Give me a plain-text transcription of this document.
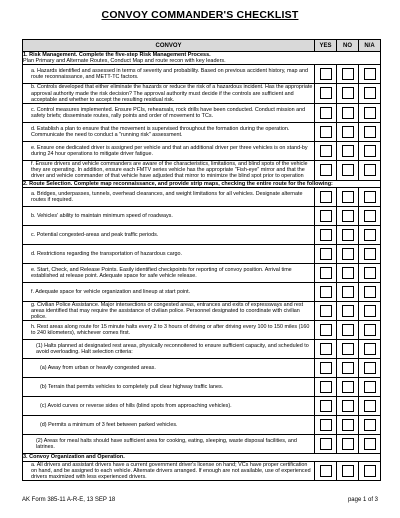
CONVOY COMMANDER'S CHECKLIST
CONVOY	YES	NO	N/A
1. Risk Management. Complete the five-step Risk Management Process.
Plan Primary and Alternate Routes, Conduct Map and route recon with key leaders.			
a. Hazards identified and assessed in terms of severity and probability. Based on previous accident history, map and route reconnaissance, and METT-TC factors.			
b. Controls developed that either eliminate the hazards or reduce the risk of a hazardous incident. Has the appropriate approval authority made the risk decision? The approval authority must decide if the controls are sufficient and acceptable and whether to accept the resulting residual risk.			
c. Control measures implemented. Ensure PCIs, rehearsals, rock drills have been conducted. Conduct mission and safety briefs; disseminate routes, rally points and order of movement to TCs.			
d. Establish a plan to ensure that the movement is supervised throughout the formation during the operation. Communicate the need to conduct a "running risk" assessment.			
e. Ensure one dedicated driver is assigned per vehicle and that an additional driver per three vehicles is on stand-by during 24 hour operations to mitigate driver fatigue.			
f. Ensure drivers and vehicle commanders are aware of the characteristics, limitations, and blind spots of the vehicle they are operating. In addition, ensure each FMTV series vehicle has the appropriate "Fish-eye" mirror and that the driver and vehicle commander of that vehicle have adjusted that mirror to minimize the blind spot prior to operation			
2. Route Selection. Complete map reconnaissance, and provide strip maps, checking the entire route for the following:			
a. Bridges, underpasses, tunnels, overhead clearances, and weight limitations for all vehicles. Designate alternate routes if required.			
b. Vehicles' ability to maintain minimum speed of roadways.			
c. Potential congested-areas and peak traffic periods.			
d. Restrictions regarding the transportation of hazardous cargo.			
e. Start, Check, and Release Points. Easily identified checkpoints for reporting of convoy position. Arrival time established at release point. Adequate space for safe vehicle release.			
f. Adequate space for vehicle organization and lineup at start point.			
g. Civilian Police Assistance. Major intersections or congested areas, entrances and exits of expressways and rest areas identified that may require the assistance of civilian police. Personnel designated to coordinate with civilian police.			
h. Rest areas along route for 15 minute halts every 2 to 3 hours of driving or after driving every 100 to 150 miles (160 to 240 kilometers), whichever comes first.			
(1) Halts planned at designated rest areas, physically reconnoitered to ensure sufficient capacity, and scheduled to avoid overloading. Halt selection criteria:			
(a) Away from urban or heavily congested areas.			
(b) Terrain that permits vehicles to completely pull clear highway traffic lanes.			
(c) Avoid curves or reverse sides of hills (blind spots from approaching vehicles).			
(d) Permits a minimum of 3 feet between parked vehicles.			
(2) Areas for meal halts should have sufficient area for cooking, eating, sleeping, waste disposal facilities, and latrines.			
3. Convoy Organization and Operation.			
a. All drivers and assistant drivers have a current government driver's license on hand; VCs have proper certification on hand, and be assigned to each vehicle. Alternate drivers arranged. If enough are not available, use of experienced drivers maximized with less experienced drivers.			
AK Form 385-11 A-R-E, 13 SEP 18	page 1 of 3
